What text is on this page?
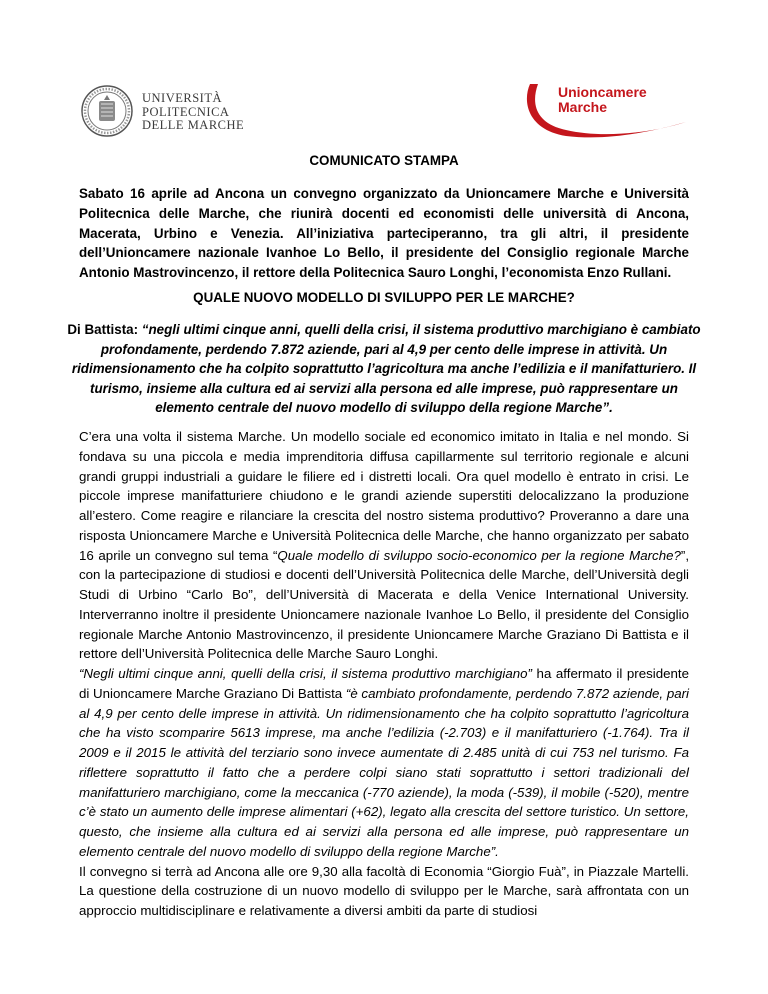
UNIVERSITÀ
POLITECNICA
DELLE MARCHE
Unioncamere
Marche
COMUNICATO STAMPA
Sabato 16 aprile ad Ancona un convegno organizzato da Unioncamere Marche e Università Politecnica delle Marche, che riunirà docenti ed economisti delle università di Ancona, Macerata, Urbino e Venezia. All’iniziativa parteciperanno, tra gli altri, il presidente dell’Unioncamere nazionale Ivanhoe Lo Bello, il presidente del Consiglio regionale Marche Antonio Mastrovincenzo, il rettore della Politecnica Sauro Longhi, l’economista Enzo Rullani.
QUALE NUOVO MODELLO DI SVILUPPO PER LE MARCHE?
Di Battista: “negli ultimi cinque anni, quelli della crisi, il sistema produttivo marchigiano è cambiato profondamente, perdendo 7.872 aziende, pari al 4,9 per cento delle imprese in attività. Un ridimensionamento che ha colpito soprattutto l’agricoltura ma anche l’edilizia e il manifatturiero. Il turismo, insieme alla cultura ed ai servizi alla persona ed alle imprese, può rappresentare un elemento centrale del nuovo modello di sviluppo della regione Marche”.

C’era una volta il sistema Marche. Un modello sociale ed economico imitato in Italia e nel mondo. Si fondava su una piccola e media imprenditoria diffusa capillarmente sul territorio regionale e alcuni grandi gruppi industriali a guidare le filiere ed i distretti locali. Ora quel modello è entrato in crisi. Le piccole imprese manifatturiere chiudono e le grandi aziende superstiti delocalizzano la produzione all’estero. Come reagire e rilanciare la crescita del nostro sistema produttivo? Proveranno a dare una risposta Unioncamere Marche e Università Politecnica delle Marche, che hanno organizzato per sabato 16 aprile un convegno sul tema “Quale modello di sviluppo socio-economico per la regione Marche?”, con la partecipazione di studiosi e docenti dell’Università Politecnica delle Marche, dell’Università degli Studi di Urbino “Carlo Bo”, dell’Università di Macerata e della Venice International University. Interverranno inoltre il presidente Unioncamere nazionale Ivanhoe Lo Bello, il presidente del Consiglio regionale Marche Antonio Mastrovincenzo, il presidente Unioncamere Marche Graziano Di Battista e il rettore dell’Università Politecnica delle Marche Sauro Longhi.

“Negli ultimi cinque anni, quelli della crisi, il sistema produttivo marchigiano” ha affermato il presidente di Unioncamere Marche Graziano Di Battista “è cambiato profondamente, perdendo 7.872 aziende, pari al 4,9 per cento delle imprese in attività. Un ridimensionamento che ha colpito soprattutto l’agricoltura che ha visto scomparire 5613 imprese, ma anche l’edilizia (-2.703) e il manifatturiero (-1.764). Tra il 2009 e il 2015 le attività del terziario sono invece aumentate di 2.485 unità di cui 753 nel turismo. Fa riflettere soprattutto il fatto che a perdere colpi siano stati soprattutto i settori tradizionali del manifatturiero marchigiano, come la meccanica (-770 aziende), la moda (-539), il mobile (-520), mentre c’è stato un aumento delle imprese alimentari (+62), legato alla crescita del settore turistico. Un settore, questo, che insieme alla cultura ed ai servizi alla persona ed alle imprese, può rappresentare un elemento centrale del nuovo modello di sviluppo della regione Marche”.

Il convegno si terrà ad Ancona alle ore 9,30 alla facoltà di Economia “Giorgio Fuà”, in Piazzale Martelli. La questione della costruzione di un nuovo modello di sviluppo per le Marche, sarà affrontata con un approccio multidisciplinare e relativamente a diversi ambiti da parte di studiosi
